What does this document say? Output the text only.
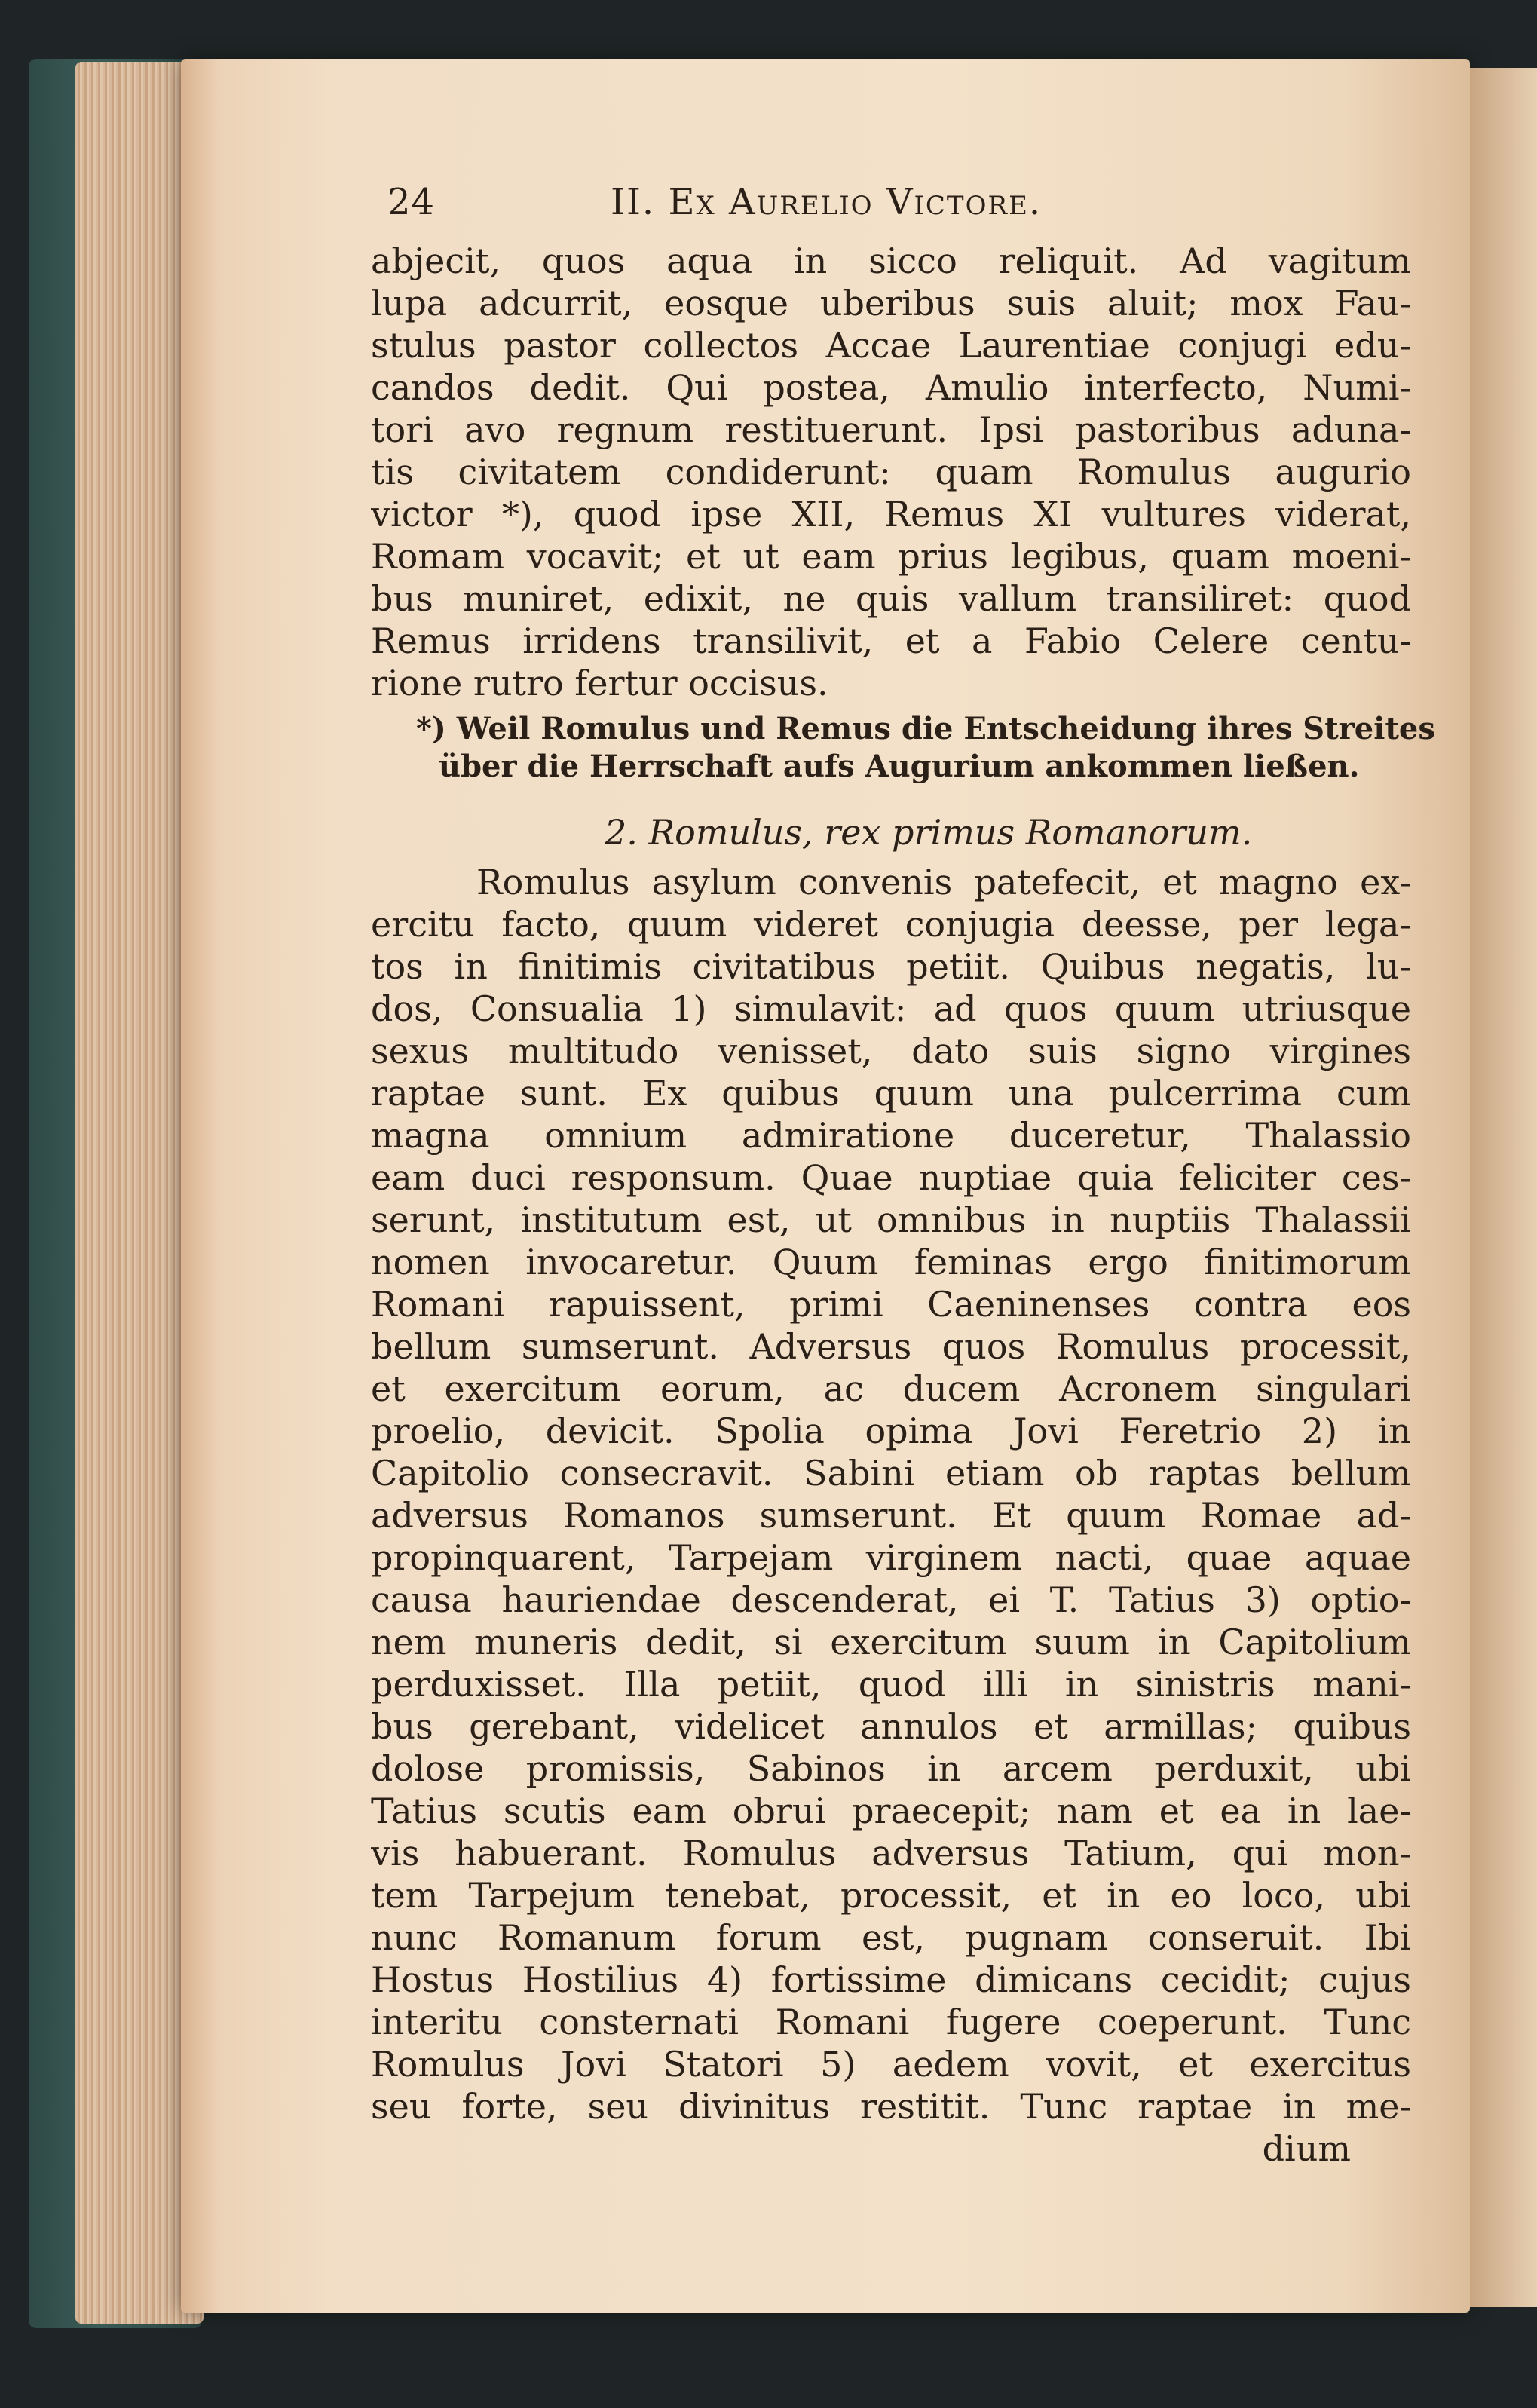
24	II. Ex Aurelio Victore.
abjecit, quos aqua in sicco reliquit. Ad vagitum
lupa adcurrit, eosque uberibus suis aluit; mox Fau-
stulus pastor collectos Accae Laurentiae conjugi edu-
candos dedit. Qui postea, Amulio interfecto, Numi-
tori avo regnum restituerunt. Ipsi pastoribus aduna-
tis civitatem condiderunt: quam Romulus augurio
victor *), quod ipse XII, Remus XI vultures viderat,
Romam vocavit; et ut eam prius legibus, quam moeni-
bus muniret, edixit, ne quis vallum transiliret: quod
Remus irridens transilivit, et a Fabio Celere centu-
rione rutro fertur occisus.
*) Weil Romulus und Remus die Entscheidung ihres Streites
über die Herrschaft aufs Augurium ankommen ließen.
2. Romulus, rex primus Romanorum.
Romulus asylum convenis patefecit, et magno ex-
ercitu facto, quum videret conjugia deesse, per lega-
tos in finitimis civitatibus petiit. Quibus negatis, lu-
dos, Consualia 1) simulavit: ad quos quum utriusque
sexus multitudo venisset, dato suis signo virgines
raptae sunt. Ex quibus quum una pulcerrima cum
magna omnium admiratione duceretur, Thalassio
eam duci responsum. Quae nuptiae quia feliciter ces-
serunt, institutum est, ut omnibus in nuptiis Thalassii
nomen invocaretur. Quum feminas ergo finitimorum
Romani rapuissent, primi Caeninenses contra eos
bellum sumserunt. Adversus quos Romulus processit,
et exercitum eorum, ac ducem Acronem singulari
proelio, devicit. Spolia opima Jovi Feretrio 2) in
Capitolio consecravit. Sabini etiam ob raptas bellum
adversus Romanos sumserunt. Et quum Romae ad-
propinquarent, Tarpejam virginem nacti, quae aquae
causa hauriendae descenderat, ei T. Tatius 3) optio-
nem muneris dedit, si exercitum suum in Capitolium
perduxisset. Illa petiit, quod illi in sinistris mani-
bus gerebant, videlicet annulos et armillas; quibus
dolose promissis, Sabinos in arcem perduxit, ubi
Tatius scutis eam obrui praecepit; nam et ea in lae-
vis habuerant. Romulus adversus Tatium, qui mon-
tem Tarpejum tenebat, processit, et in eo loco, ubi
nunc Romanum forum est, pugnam conseruit. Ibi
Hostus Hostilius 4) fortissime dimicans cecidit; cujus
interitu consternati Romani fugere coeperunt. Tunc
Romulus Jovi Statori 5) aedem vovit, et exercitus
seu forte, seu divinitus restitit. Tunc raptae in me-
dium
